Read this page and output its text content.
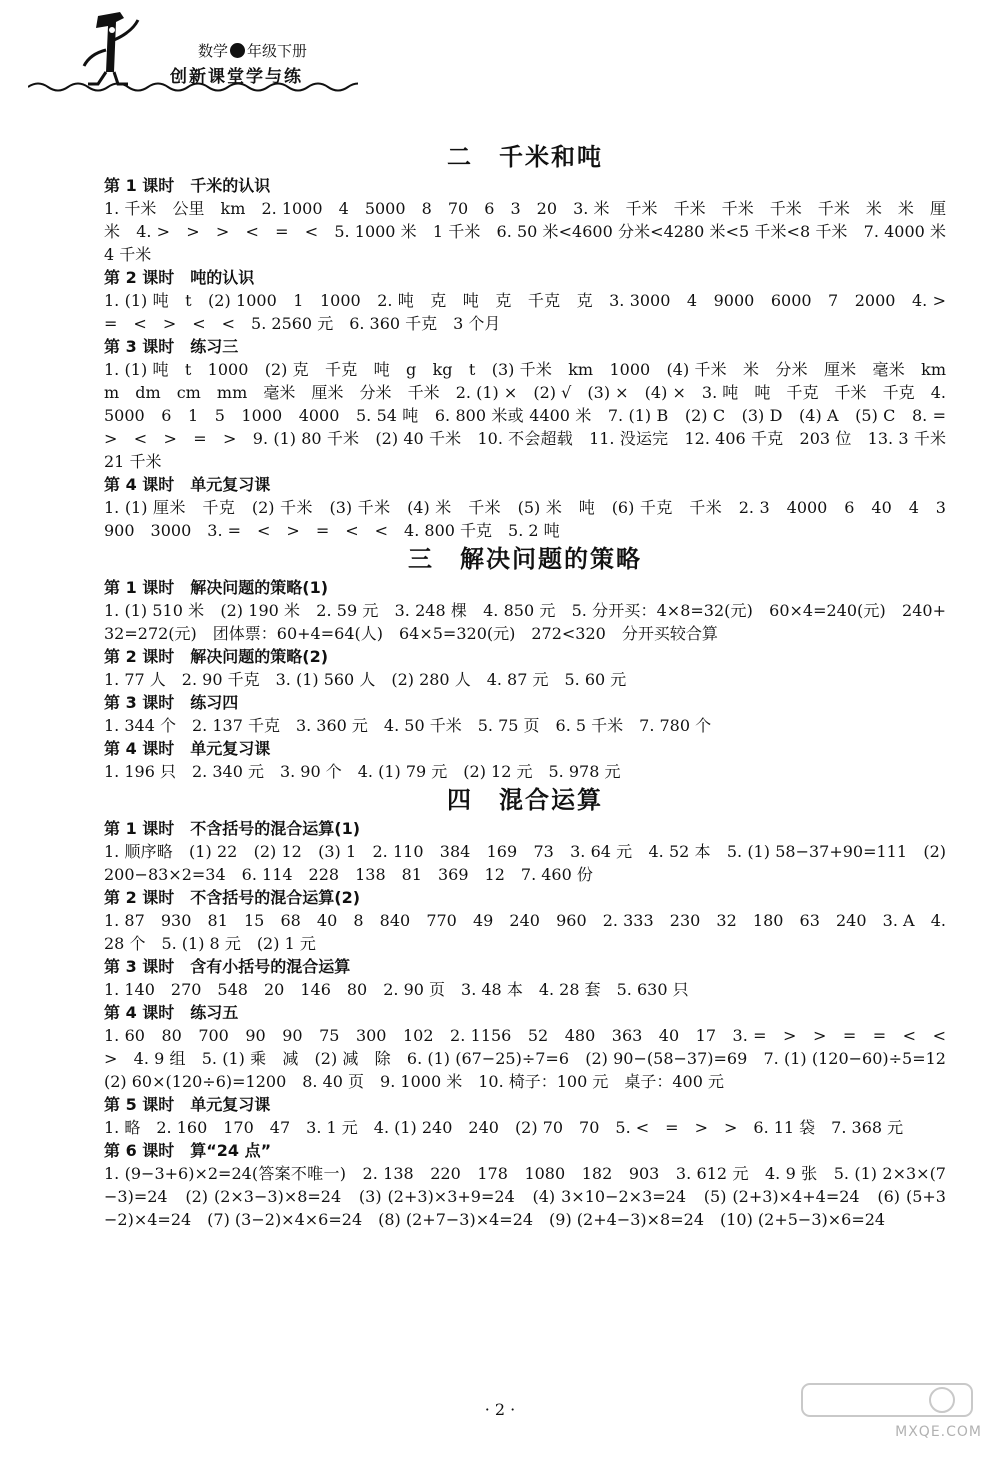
数学 年级下册
创新课堂学与练
二　千米和吨

第 1 课时　千米的认识

1. 千米　公里　km　2. 1000　4　5000　8　70　6　3　20　3. 米　千米　千米　千米　千米　千米　米　米　厘米　4. >　>　>　<　=　<　5. 1000 米　1 千米　6. 50 米<4600 分米<4280 米<5 千米<8 千米　7. 4000 米　4 千米

第 2 课时　吨的认识

1. (1) 吨　t　(2) 1000　1　1000　2. 吨　克　吨　克　千克　克　3. 3000　4　9000　6000　7　2000　4. >　=　<　>　<　<　5. 2560 元　6. 360 千克　3 个月

第 3 课时　练习三

1. (1) 吨　t　1000　(2) 克　千克　吨　g　kg　t　(3) 千米　km　1000　(4) 千米　米　分米　厘米　毫米　km　m　dm　cm　mm　毫米　厘米　分米　千米　2. (1) ×　(2) √　(3) ×　(4) ×　3. 吨　吨　千克　千米　千克　4. 5000　6　1　5　1000　4000　5. 54 吨　6. 800 米或 4400 米　7. (1) B　(2) C　(3) D　(4) A　(5) C　8. =　>　<　>　=　>　9. (1) 80 千米　(2) 40 千米　10. 不会超载　11. 没运完　12. 406 千克　203 位　13. 3 千米　21 千米

第 4 课时　单元复习课

1. (1) 厘米　千克　(2) 千米　(3) 千米　(4) 米　千米　(5) 米　吨　(6) 千克　千米　2. 3　4000　6　40　4　3　900　3000　3. =　<　>　=　<　<　4. 800 千克　5. 2 吨

三　解决问题的策略

第 1 课时　解决问题的策略(1)

1. (1) 510 米　(2) 190 米　2. 59 元　3. 248 棵　4. 850 元　5. 分开买：4×8=32(元)　60×4=240(元)　240+32=272(元)　团体票：60+4=64(人)　64×5=320(元)　272<320　分开买较合算

第 2 课时　解决问题的策略(2)

1. 77 人　2. 90 千克　3. (1) 560 人　(2) 280 人　4. 87 元　5. 60 元

第 3 课时　练习四

1. 344 个　2. 137 千克　3. 360 元　4. 50 千米　5. 75 页　6. 5 千米　7. 780 个

第 4 课时　单元复习课

1. 196 只　2. 340 元　3. 90 个　4. (1) 79 元　(2) 12 元　5. 978 元

四　混合运算

第 1 课时　不含括号的混合运算(1)

1. 顺序略　(1) 22　(2) 12　(3) 1　2. 110　384　169　73　3. 64 元　4. 52 本　5. (1) 58−37+90=111　(2) 200−83×2=34　6. 114　228　138　81　369　12　7. 460 份

第 2 课时　不含括号的混合运算(2)

1. 87　930　81　15　68　40　8　840　770　49　240　960　2. 333　230　32　180　63　240　3. A　4. 28 个　5. (1) 8 元　(2) 1 元

第 3 课时　含有小括号的混合运算

1. 140　270　548　20　146　80　2. 90 页　3. 48 本　4. 28 套　5. 630 只

第 4 课时　练习五

1. 60　80　700　90　90　75　300　102　2. 1156　52　480　363　40　17　3. =　>　>　=　=　<　<　>　4. 9 组　5. (1) 乘　减　(2) 减　除　6. (1) (67−25)÷7=6　(2) 90−(58−37)=69　7. (1) (120−60)÷5=12　(2) 60×(120÷6)=1200　8. 40 页　9. 1000 米　10. 椅子：100 元　桌子：400 元

第 5 课时　单元复习课

1. 略　2. 160　170　47　3. 1 元　4. (1) 240　240　(2) 70　70　5. <　=　>　>　6. 11 袋　7. 368 元

第 6 课时　算“24 点”

1. (9−3+6)×2=24(答案不唯一)　2. 138　220　178　1080　182　903　3. 612 元　4. 9 张　5. (1) 2×3×(7−3)=24　(2) (2×3−3)×8=24　(3) (2+3)×3+9=24　(4) 3×10−2×3=24　(5) (2+3)×4+4=24　(6) (5+3−2)×4=24　(7) (3−2)×4×6=24　(8) (2+7−3)×4=24　(9) (2+4−3)×8=24　(10) (2+5−3)×6=24

· 2 ·
MXQE.COM
